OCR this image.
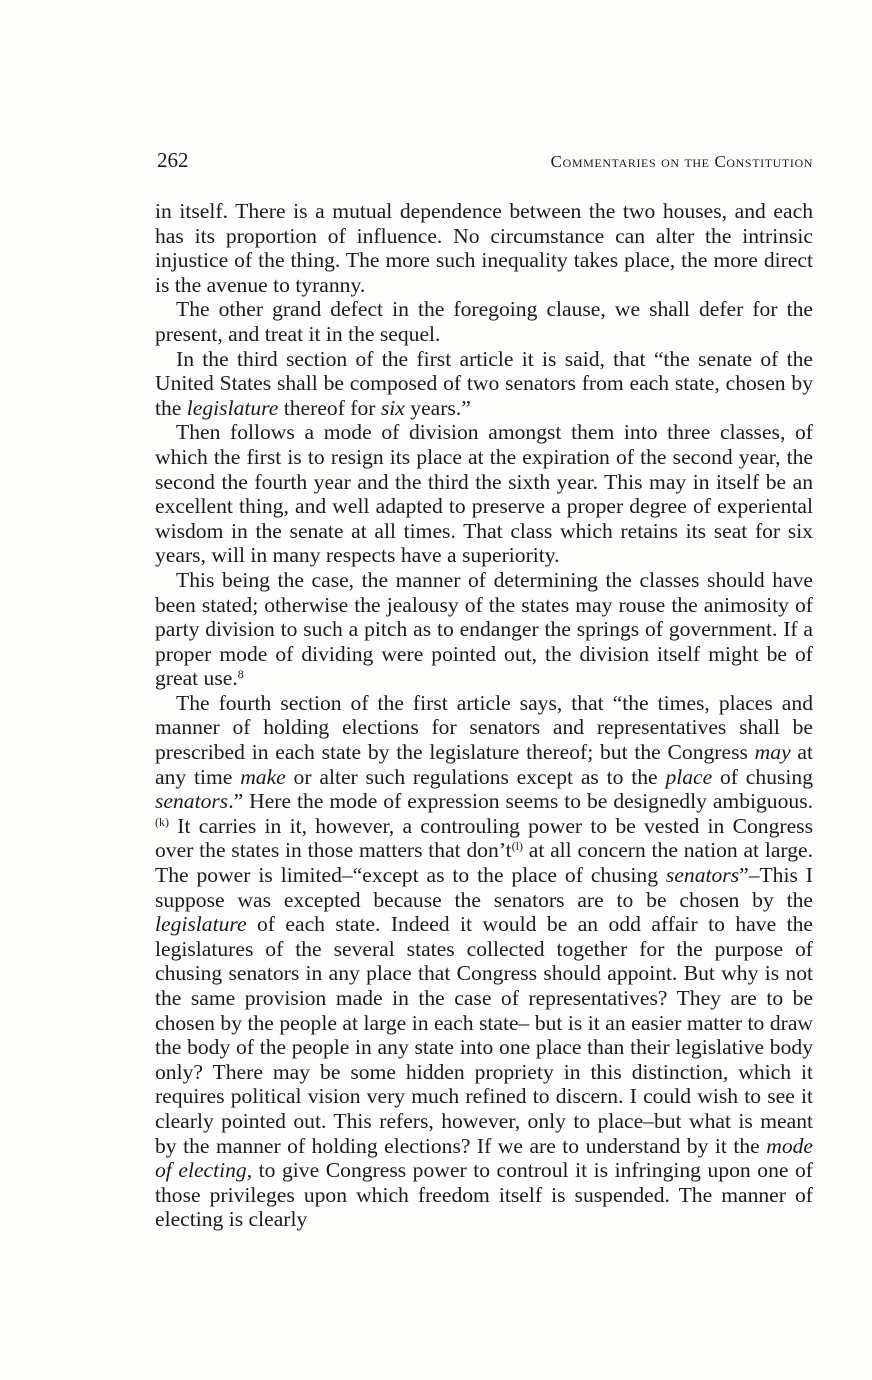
262	Commentaries on the Constitution

in itself. There is a mutual dependence between the two houses, and each has its proportion of influence. No circumstance can alter the intrinsic injustice of the thing. The more such inequality takes place, the more direct is the avenue to tyranny.

The other grand defect in the foregoing clause, we shall defer for the present, and treat it in the sequel.

In the third section of the first article it is said, that “the senate of the United States shall be composed of two senators from each state, chosen by the legislature thereof for six years.”

Then follows a mode of division amongst them into three classes, of which the first is to resign its place at the expiration of the second year, the second the fourth year and the third the sixth year. This may in itself be an excellent thing, and well adapted to preserve a proper degree of experiental wisdom in the senate at all times. That class which retains its seat for six years, will in many respects have a superiority.

This being the case, the manner of determining the classes should have been stated; otherwise the jealousy of the states may rouse the animosity of party division to such a pitch as to endanger the springs of government. If a proper mode of dividing were pointed out, the division itself might be of great use.$^8$

The fourth section of the first article says, that “the times, places and manner of holding elections for senators and representatives shall be prescribed in each state by the legislature thereof; but the Congress may at any time make or alter such regulations except as to the place of chusing senators.” Here the mode of expression seems to be designedly ambiguous.$^{(k)}$ It carries in it, however, a controuling power to be vested in Congress over the states in those matters that $don’t^{(l)}$ at all concern the nation at large. The power is limited–“except as to the place of chusing senators”–This I suppose was excepted because the senators are to be chosen by the legislature of each state. Indeed it would be an odd affair to have the legislatures of the several states collected together for the purpose of chusing senators in any place that Congress should appoint. But why is not the same provision made in the case of representatives? They are to be chosen by the people at large in each state– but is it an easier matter to draw the body of the people in any state into one place than their legislative body only? There may be some hidden propriety in this distinction, which it requires political vision very much refined to discern. I could wish to see it clearly pointed out. This refers, however, only to place–but what is meant by the manner of holding elections? If we are to understand by it the mode of electing, to give Congress power to controul it is infringing upon one of those privileges upon which freedom itself is suspended. The manner of electing is clearly
